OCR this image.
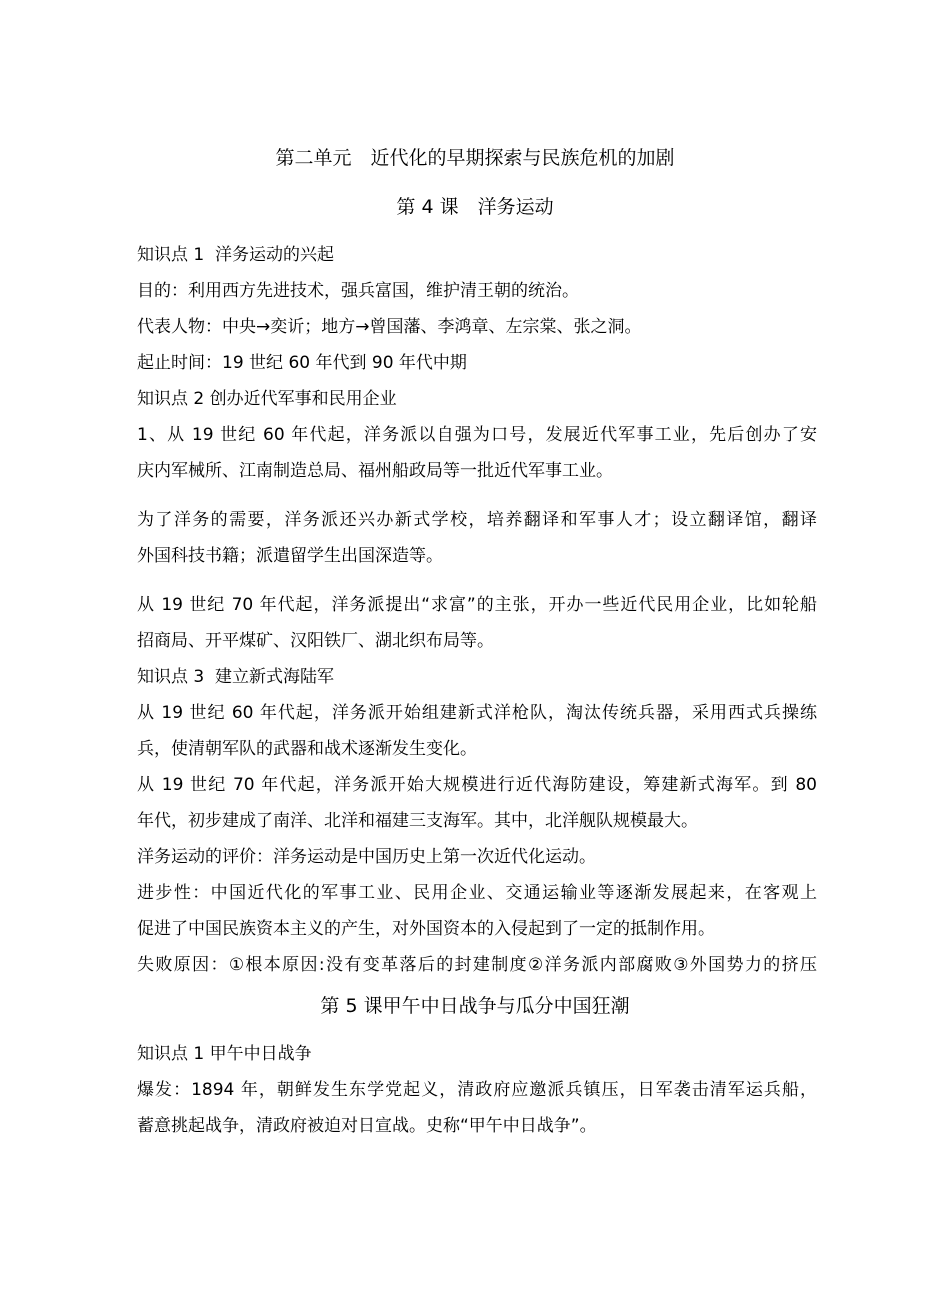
第二单元　近代化的早期探索与民族危机的加剧
第 4 课　洋务运动
知识点 1  洋务运动的兴起
目的：利用西方先进技术，强兵富国，维护清王朝的统治。
代表人物：中央→奕䜣；地方→曾国藩、李鸿章、左宗棠、张之洞。
起止时间：19 世纪 60 年代到 90 年代中期
知识点 2 创办近代军事和民用企业
1、从 19 世纪 60 年代起，洋务派以自强为口号，发展近代军事工业，先后创办了安
庆内军械所、江南制造总局、福州船政局等一批近代军事工业。
为了洋务的需要，洋务派还兴办新式学校，培养翻译和军事人才；设立翻译馆，翻译
外国科技书籍；派遣留学生出国深造等。
从 19 世纪 70 年代起，洋务派提出“求富”的主张，开办一些近代民用企业，比如轮船
招商局、开平煤矿、汉阳铁厂、湖北织布局等。
知识点 3  建立新式海陆军
从 19 世纪 60 年代起，洋务派开始组建新式洋枪队，淘汰传统兵器，采用西式兵操练
兵，使清朝军队的武器和战术逐渐发生变化。
从 19 世纪 70 年代起，洋务派开始大规模进行近代海防建设，筹建新式海军。到 80
年代，初步建成了南洋、北洋和福建三支海军。其中，北洋舰队规模最大。
洋务运动的评价：洋务运动是中国历史上第一次近代化运动。
进步性：中国近代化的军事工业、民用企业、交通运输业等逐渐发展起来，在客观上
促进了中国民族资本主义的产生，对外国资本的入侵起到了一定的抵制作用。
失败原因：①根本原因:没有变革落后的封建制度②洋务派内部腐败③外国势力的挤压
第 5 课甲午中日战争与瓜分中国狂潮
知识点 1 甲午中日战争
爆发：1894 年，朝鲜发生东学党起义，清政府应邀派兵镇压，日军袭击清军运兵船，
蓄意挑起战争，清政府被迫对日宣战。史称“甲午中日战争”。
